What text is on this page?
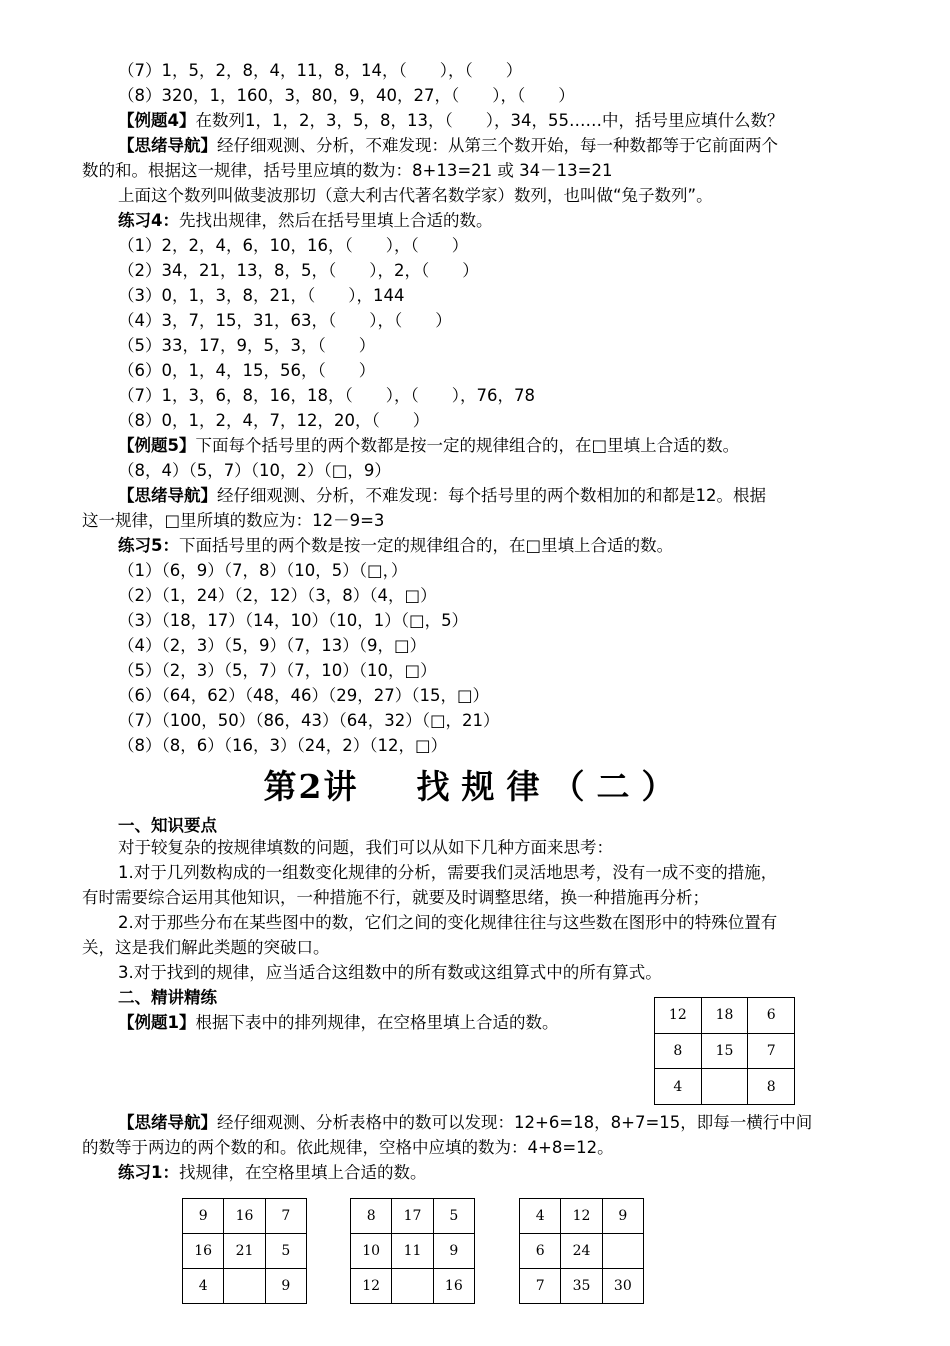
（7）1，5，2，8，4，11，8，14，（　　），（　　）
（8）320，1，160，3，80，9，40，27，（　　），（　　）
【例题4】在数列1，1，2，3，5，8，13，（　　），34，55……中，括号里应填什么数？
【思绪导航】经仔细观测、分析，不难发现：从第三个数开始，每一种数都等于它前面两个
数的和。根据这一规律，括号里应填的数为：8+13=21 或 34－13=21
上面这个数列叫做斐波那切（意大利古代著名数学家）数列，也叫做“兔子数列”。
练习4：先找出规律，然后在括号里填上合适的数。
（1）2，2，4，6，10，16，（　　），（　　）
（2）34，21，13，8，5，（　　），2，（　　）
（3）0，1，3，8，21，（　　），144
（4）3，7，15，31，63，（　　），（　　）
（5）33，17，9，5，3，（　　）
（6）0，1，4，15，56，（　　）
（7）1，3，6，8，16，18，（　　），（　　），76，78
（8）0，1，2，4，7，12，20，（　　）
【例题5】下面每个括号里的两个数都是按一定的规律组合的，在□里填上合适的数。
（8，4）（5，7）（10，2）（□，9）
【思绪导航】经仔细观测、分析，不难发现：每个括号里的两个数相加的和都是12。根据
这一规律，□里所填的数应为：12－9=3
练习5：下面括号里的两个数是按一定的规律组合的，在□里填上合适的数。
（1）（6，9）（7，8）（10，5）（□，）
（2）（1，24）（2，12）（3，8）（4，□）
（3）（18，17）（14，10）（10，1）（□，5）
（4）（2，3）（5，9）（7，13）（9，□）
（5）（2，3）（5，7）（7，10）（10，□）
（6）（64，62）（48，46）（29，27）（15，□）
（7）（100，50）（86，43）（64，32）（□，21）
（8）（8，6）（16，3）（24，2）（12，□）
第2讲 找规律（二）
一、知识要点
对于较复杂的按规律填数的问题，我们可以从如下几种方面来思考：
1.对于几列数构成的一组数变化规律的分析，需要我们灵活地思考，没有一成不变的措施，
有时需要综合运用其他知识，一种措施不行，就要及时调整思绪，换一种措施再分析；
2.对于那些分布在某些图中的数，它们之间的变化规律往往与这些数在图形中的特殊位置有
关，这是我们解此类题的突破口。
3.对于找到的规律，应当适合这组数中的所有数或这组算式中的所有算式。
二、精讲精练
【例题1】根据下表中的排列规律，在空格里填上合适的数。	12	18	6
8	15	7
4		8
【思绪导航】经仔细观测、分析表格中的数可以发现：12+6=18，8+7=15，即每一横行中间
的数等于两边的两个数的和。依此规律，空格中应填的数为：4+8=12。
练习1：找规律，在空格里填上合适的数。
9	16	7
16	21	5
4		9
8	17	5
10	11	9
12		16
4	12	9
6	24	
7	35	30
